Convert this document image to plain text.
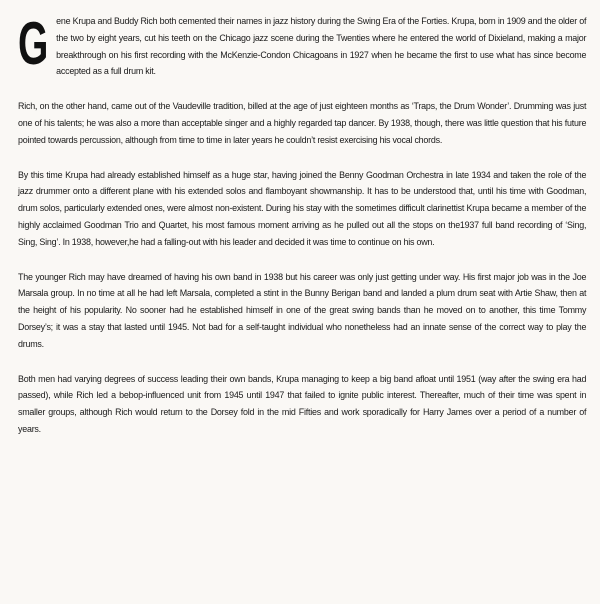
G ene Krupa and Buddy Rich both cemented their names in jazz history during the Swing Era of the Forties. Krupa, born in 1909 and the older of the two by eight years, cut his teeth on the Chicago jazz scene during the Twenties where he entered the world of Dixieland, making a major breakthrough on his first recording with the McKenzie-Condon Chicagoans in 1927 when he became the first to use what has since become accepted as a full drum kit.

Rich, on the other hand, came out of the Vaudeville tradition, billed at the age of just eighteen months as ‘Traps, the Drum Wonder’. Drumming was just one of his talents; he was also a more than acceptable singer and a highly regarded tap dancer. By 1938, though, there was little question that his future pointed towards percussion, although from time to time in later years he couldn’t resist exercising his vocal chords.

By this time Krupa had already established himself as a huge star, having joined the Benny Goodman Orchestra in late 1934 and taken the role of the jazz drummer onto a different plane with his extended solos and flamboyant showmanship. It has to be understood that, until his time with Goodman, drum solos, particularly extended ones, were almost non-existent. During his stay with the sometimes difficult clarinettist Krupa became a member of the highly acclaimed Goodman Trio and Quartet, his most famous moment arriving as he pulled out all the stops on the1937 full band recording of ‘Sing, Sing, Sing’. In 1938, however,he had a falling-out with his leader and decided it was time to continue on his own.

The younger Rich may have dreamed of having his own band in 1938 but his career was only just getting under way. His first major job was in the Joe Marsala group. In no time at all he had left Marsala, completed a stint in the Bunny Berigan band and landed a plum drum seat with Artie Shaw, then at the height of his popularity. No sooner had he established himself in one of the great swing bands than he moved on to another, this time Tommy Dorsey’s; it was a stay that lasted until 1945. Not bad for a self-taught individual who nonetheless had an innate sense of the correct way to play the drums.

Both men had varying degrees of success leading their own bands, Krupa managing to keep a big band afloat until 1951 (way after the swing era had passed), while Rich led a bebop-influenced unit from 1945 until 1947 that failed to ignite public interest. Thereafter, much of their time was spent in smaller groups, although Rich would return to the Dorsey fold in the mid Fifties and work sporadically for Harry James over a period of a number of years.
